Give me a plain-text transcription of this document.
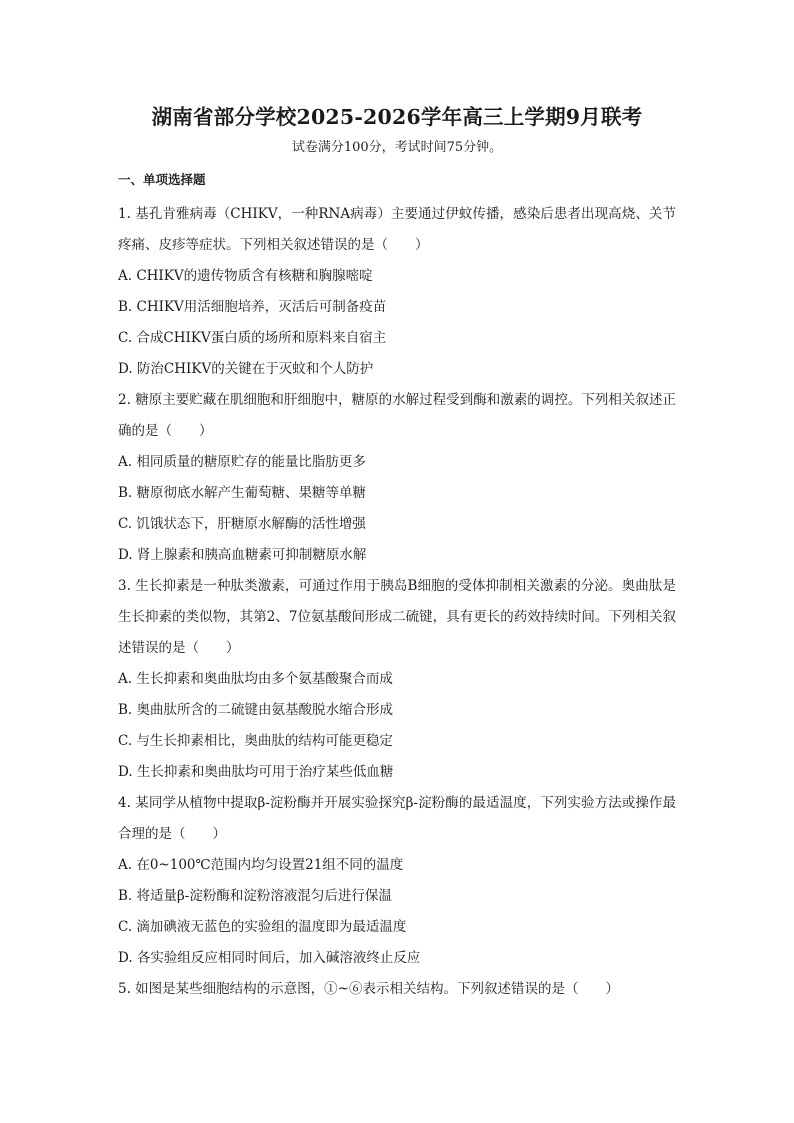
湖南省部分学校2025-2026学年高三上学期9月联考

试卷满分100分，考试时间75分钟。

一、单项选择题

1. 基孔肯雅病毒（CHIKV，一种RNA病毒）主要通过伊蚊传播，感染后患者出现高烧、关节疼痛、皮疹等症状。下列相关叙述错误的是（　　）

A. CHIKV的遗传物质含有核糖和胸腺嘧啶

B. CHIKV用活细胞培养，灭活后可制备疫苗

C. 合成CHIKV蛋白质的场所和原料来自宿主

D. 防治CHIKV的关键在于灭蚊和个人防护

2. 糖原主要贮藏在肌细胞和肝细胞中，糖原的水解过程受到酶和激素的调控。下列相关叙述正确的是（　　）

A. 相同质量的糖原贮存的能量比脂肪更多

B. 糖原彻底水解产生葡萄糖、果糖等单糖

C. 饥饿状态下，肝糖原水解酶的活性增强

D. 肾上腺素和胰高血糖素可抑制糖原水解

3. 生长抑素是一种肽类激素，可通过作用于胰岛B细胞的受体抑制相关激素的分泌。奥曲肽是生长抑素的类似物，其第2、7位氨基酸间形成二硫键，具有更长的药效持续时间。下列相关叙述错误的是（　　）

A. 生长抑素和奥曲肽均由多个氨基酸聚合而成

B. 奥曲肽所含的二硫键由氨基酸脱水缩合形成

C. 与生长抑素相比，奥曲肽的结构可能更稳定

D. 生长抑素和奥曲肽均可用于治疗某些低血糖

4. 某同学从植物中提取β-淀粉酶并开展实验探究β-淀粉酶的最适温度，下列实验方法或操作最合理的是（　　）

A. 在0~100℃范围内均匀设置21组不同的温度

B. 将适量β-淀粉酶和淀粉溶液混匀后进行保温

C. 滴加碘液无蓝色的实验组的温度即为最适温度

D. 各实验组反应相同时间后，加入碱溶液终止反应

5. 如图是某些细胞结构的示意图，①~⑥表示相关结构。下列叙述错误的是（　　）
